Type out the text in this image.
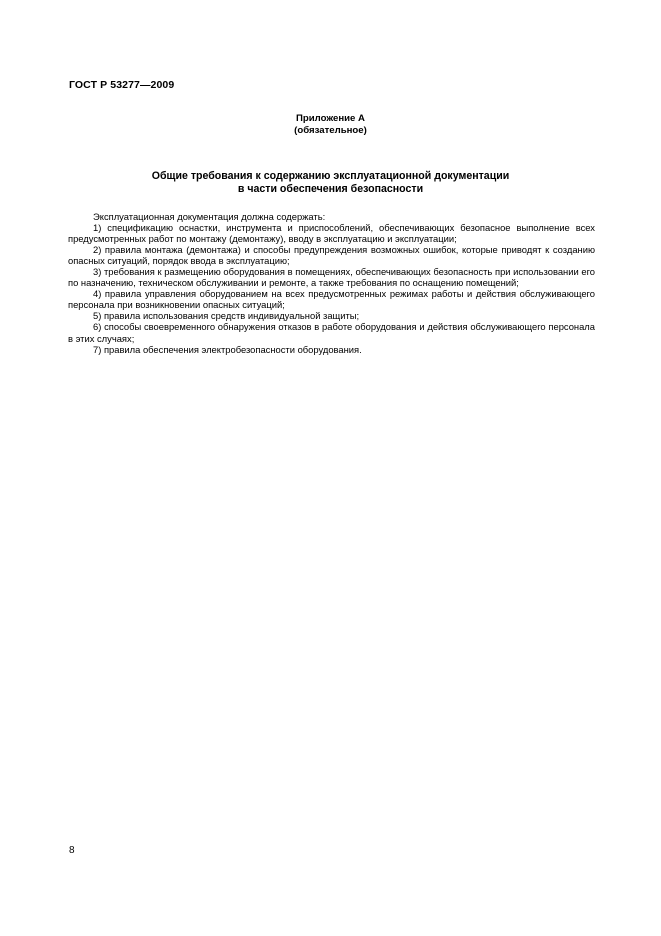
ГОСТ Р 53277—2009
Приложение А
(обязательное)
Общие требования к содержанию эксплуатационной документации
в части обеспечения безопасности

Эксплуатационная документация должна содержать:

1) спецификацию оснастки, инструмента и приспособлений, обеспечивающих безопасное выполнение всех предусмотренных работ по монтажу (демонтажу), вводу в эксплуатацию и эксплуатации;

2) правила монтажа (демонтажа) и способы предупреждения возможных ошибок, которые приводят к созданию опасных ситуаций, порядок ввода в эксплуатацию;

3) требования к размещению оборудования в помещениях, обеспечивающих безопасность при использовании его по назначению, техническом обслуживании и ремонте, а также требования по оснащению помещений;

4) правила управления оборудованием на всех предусмотренных режимах работы и действия обслуживающего персонала при возникновении опасных ситуаций;

5) правила использования средств индивидуальной защиты;

6) способы своевременного обнаружения отказов в работе оборудования и действия обслуживающего персонала в этих случаях;

7) правила обеспечения электробезопасности оборудования.

8
